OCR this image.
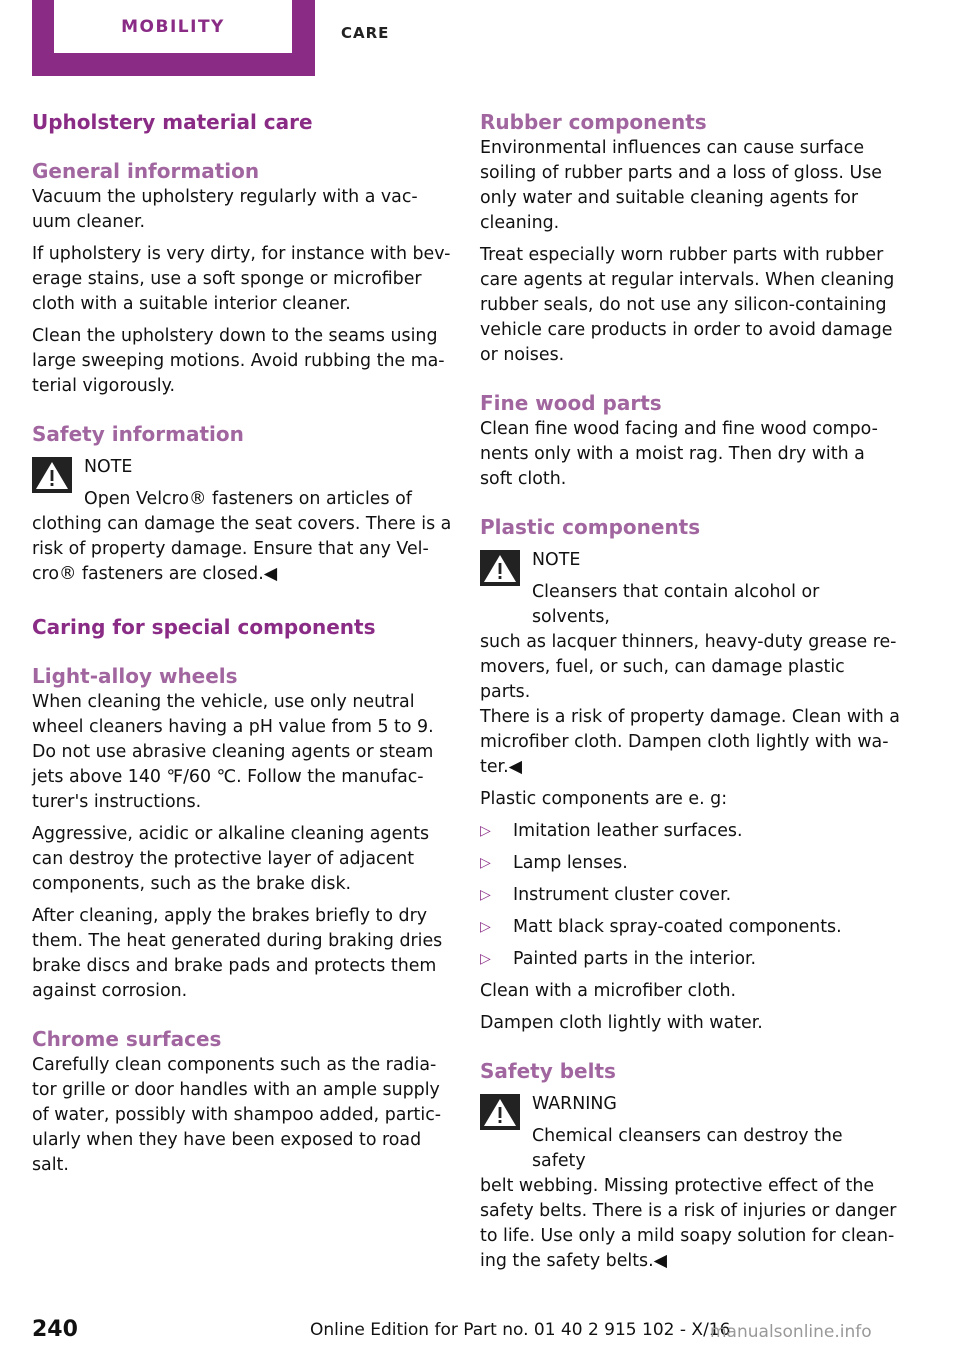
MOBILITY	CARE
Upholstery material care
General information
Vacuum the upholstery regularly with a vac-
uum cleaner.
If upholstery is very dirty, for instance with bev-
erage stains, use a soft sponge or microfiber
cloth with a suitable interior cleaner.
Clean the upholstery down to the seams using
large sweeping motions. Avoid rubbing the ma-
terial vigorously.
Safety information
NOTE
Open Velcro® fasteners on articles of
clothing can damage the seat covers. There is a
risk of property damage. Ensure that any Vel-
cro® fasteners are closed.◀
Caring for special components
Light-alloy wheels
When cleaning the vehicle, use only neutral
wheel cleaners having a pH value from 5 to 9.
Do not use abrasive cleaning agents or steam
jets above 140 ℉/60 ℃. Follow the manufac-
turer's instructions.
Aggressive, acidic or alkaline cleaning agents
can destroy the protective layer of adjacent
components, such as the brake disk.
After cleaning, apply the brakes briefly to dry
them. The heat generated during braking dries
brake discs and brake pads and protects them
against corrosion.
Chrome surfaces
Carefully clean components such as the radia-
tor grille or door handles with an ample supply
of water, possibly with shampoo added, partic-
ularly when they have been exposed to road
salt.
Rubber components
Environmental influences can cause surface
soiling of rubber parts and a loss of gloss. Use
only water and suitable cleaning agents for
cleaning.
Treat especially worn rubber parts with rubber
care agents at regular intervals. When cleaning
rubber seals, do not use any silicon-containing
vehicle care products in order to avoid damage
or noises.
Fine wood parts
Clean fine wood facing and fine wood compo-
nents only with a moist rag. Then dry with a
soft cloth.
Plastic components
NOTE
Cleansers that contain alcohol or solvents,
such as lacquer thinners, heavy-duty grease re-
movers, fuel, or such, can damage plastic parts.
There is a risk of property damage. Clean with a
microfiber cloth. Dampen cloth lightly with wa-
ter.◀
Plastic components are e. g:
▷	Imitation leather surfaces.
▷	Lamp lenses.
▷	Instrument cluster cover.
▷	Matt black spray-coated components.
▷	Painted parts in the interior.
Clean with a microfiber cloth.
Dampen cloth lightly with water.
Safety belts
WARNING
Chemical cleansers can destroy the safety
belt webbing. Missing protective effect of the
safety belts. There is a risk of injuries or danger
to life. Use only a mild soapy solution for clean-
ing the safety belts.◀
240	Online Edition for Part no. 01 40 2 915 102 - X/16
manualsonline.info
